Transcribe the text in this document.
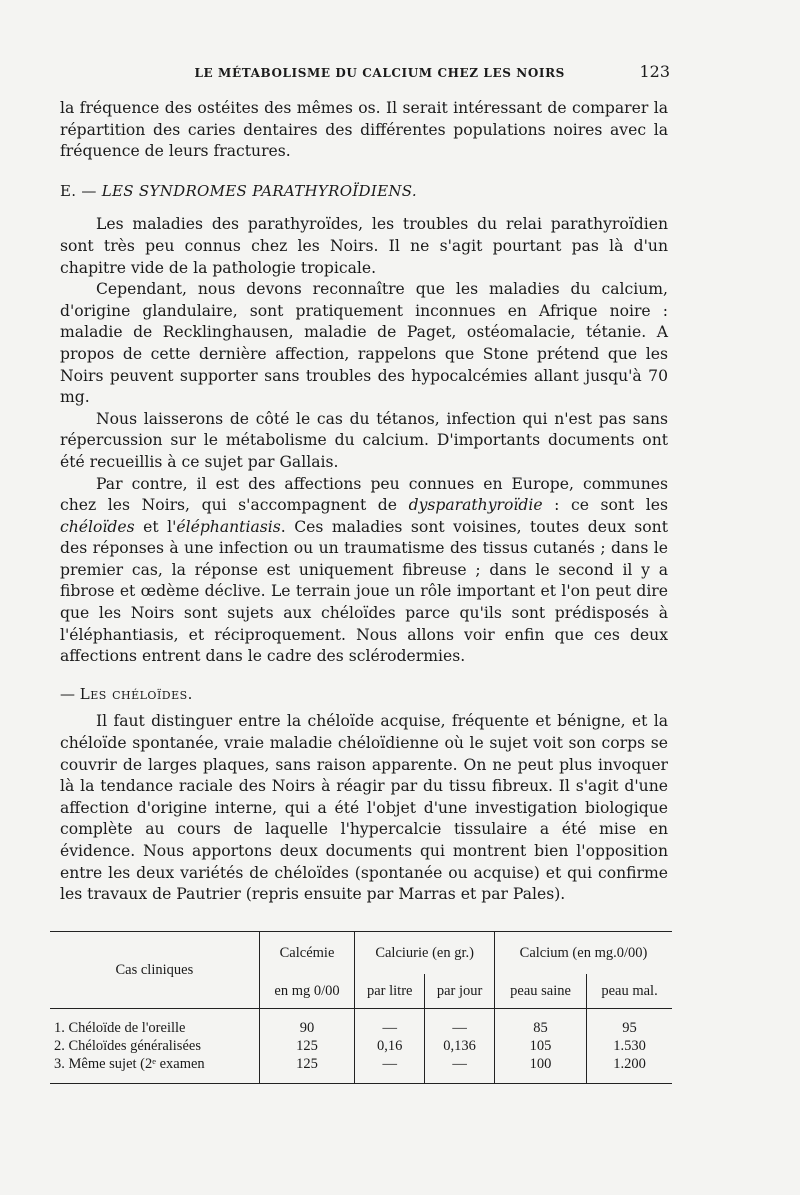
LE MÉTABOLISME DU CALCIUM CHEZ LES NOIRS	123

la fréquence des ostéites des mêmes os. Il serait intéressant de comparer la répartition des caries dentaires des différentes populations noires avec la fréquence de leurs fractures.

E. — LES SYNDROMES PARATHYROÏDIENS.

Les maladies des parathyroïdes, les troubles du relai parathyroïdien sont très peu connus chez les Noirs. Il ne s'agit pourtant pas là d'un chapitre vide de la pathologie tropicale.

Cependant, nous devons reconnaître que les maladies du calcium, d'origine glandulaire, sont pratiquement inconnues en Afrique noire : maladie de Recklinghausen, maladie de Paget, ostéomalacie, tétanie. A propos de cette dernière affection, rappelons que Stone prétend que les Noirs peuvent supporter sans troubles des hypocalcémies allant jusqu'à 70 mg.

Nous laisserons de côté le cas du tétanos, infection qui n'est pas sans répercussion sur le métabolisme du calcium. D'importants documents ont été recueillis à ce sujet par Gallais.

Par contre, il est des affections peu connues en Europe, communes chez les Noirs, qui s'accompagnent de dysparathyroïdie : ce sont les chéloïdes et l'éléphantiasis. Ces maladies sont voisines, toutes deux sont des réponses à une infection ou un traumatisme des tissus cutanés ; dans le premier cas, la réponse est uniquement fibreuse ; dans le second il y a fibrose et œdème déclive. Le terrain joue un rôle important et l'on peut dire que les Noirs sont sujets aux chéloïdes parce qu'ils sont prédisposés à l'éléphantiasis, et réciproquement. Nous allons voir enfin que ces deux affections entrent dans le cadre des sclérodermies.

— Les chéloïdes.

Il faut distinguer entre la chéloïde acquise, fréquente et bénigne, et la chéloïde spontanée, vraie maladie chéloïdienne où le sujet voit son corps se couvrir de larges plaques, sans raison apparente. On ne peut plus invoquer là la tendance raciale des Noirs à réagir par du tissu fibreux. Il s'agit d'une affection d'origine interne, qui a été l'objet d'une investigation biologique complète au cours de laquelle l'hypercalcie tissulaire a été mise en évidence. Nous apportons deux documents qui montrent bien l'opposition entre les deux variétés de chéloïdes (spontanée ou acquise) et qui confirme les travaux de Pautrier (repris ensuite par Marras et par Pales).

Cas cliniques	Calcémie	Calciurie (en gr.)		Calcium (en mg.0/00)	
	en mg 0/00	par litre	par jour	peau saine	peau mal.

1. Chéloïde de l'oreille	90	—	—	85	95
2. Chéloïdes généralisées	125	0,16	0,136	105	1.530
3. Même sujet (2ᵉ examen	125	—	—	100	1.200
